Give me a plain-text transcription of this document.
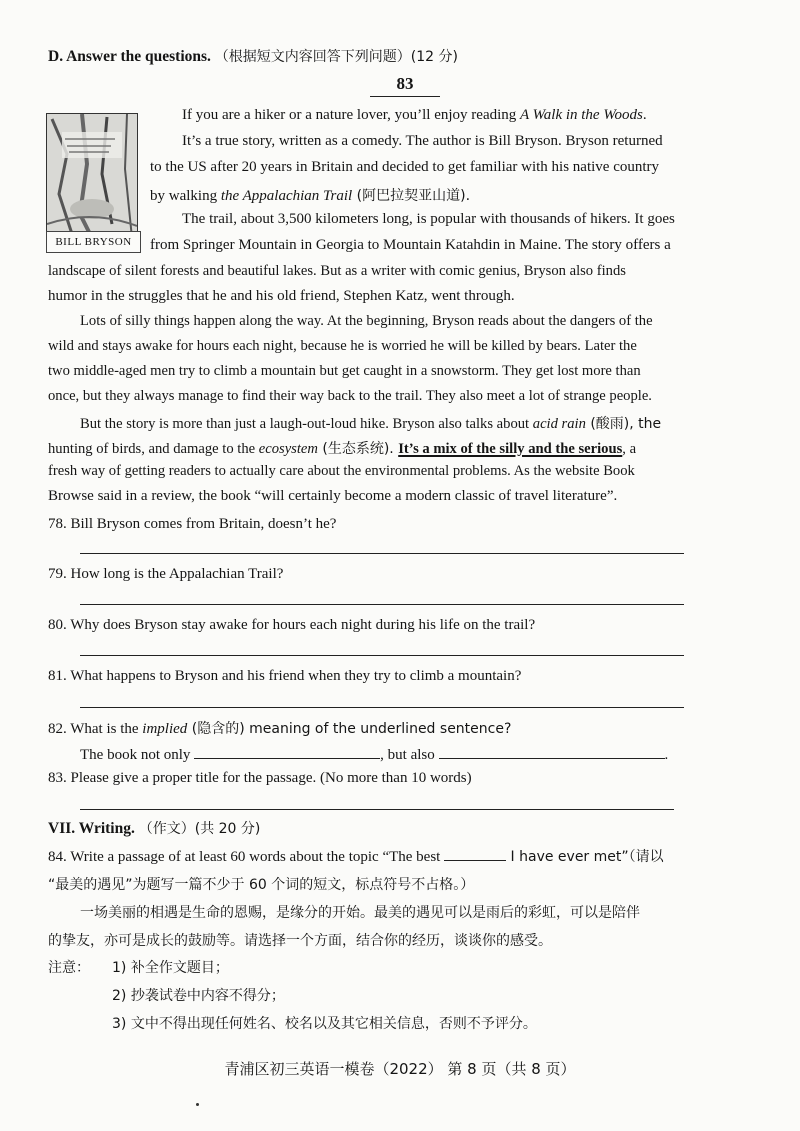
D. Answer the questions. （根据短文内容回答下列问题）(12 分)
83
BILL BRYSON
If you are a hiker or a nature lover, you’ll enjoy reading A Walk in the Woods.
It’s a true story, written as a comedy. The author is Bill Bryson. Bryson returned
to the US after 20 years in Britain and decided to get familiar with his native country
by walking the Appalachian Trail (阿巴拉契亚山道).
The trail, about 3,500 kilometers long, is popular with thousands of hikers. It goes
from Springer Mountain in Georgia to Mountain Katahdin in Maine. The story offers a
landscape of silent forests and beautiful lakes. But as a writer with comic genius, Bryson also finds
humor in the struggles that he and his old friend, Stephen Katz, went through.
Lots of silly things happen along the way. At the beginning, Bryson reads about the dangers of the
wild and stays awake for hours each night, because he is worried he will be killed by bears. Later the
two middle-aged men try to climb a mountain but get caught in a snowstorm. They get lost more than
once, but they always manage to find their way back to the trail. They also meet a lot of strange people.
But the story is more than just a laugh-out-loud hike. Bryson also talks about acid rain (酸雨), the
hunting of birds, and damage to the ecosystem (生态系统). It’s a mix of the silly and the serious, a
fresh way of getting readers to actually care about the environmental problems. As the website Book
Browse said in a review, the book “will certainly become a modern classic of travel literature”.
78. Bill Bryson comes from Britain, doesn’t he?
79. How long is the Appalachian Trail?
80. Why does Bryson stay awake for hours each night during his life on the trail?
81. What happens to Bryson and his friend when they try to climb a mountain?
82. What is the implied (隐含的) meaning of the underlined sentence?
The book not only	, but also	.
83. Please give a proper title for the passage. (No more than 10 words)
VII. Writing. （作文）(共 20 分)
84. Write a passage of at least 60 words about the topic “The best	I have ever met”（请以
“最美的遇见”为题写一篇不少于 60 个词的短文，标点符号不占格。）
一场美丽的相遇是生命的恩赐，是缘分的开始。最美的遇见可以是雨后的彩虹，可以是陪伴
的挚友，亦可是成长的鼓励等。请选择一个方面，结合你的经历，谈谈你的感受。
注意： 1) 补全作文题目；
2) 抄袭试卷中内容不得分；
3) 文中不得出现任何姓名、校名以及其它相关信息，否则不予评分。
青浦区初三英语一模卷（2022） 第 8 页（共 8 页）
